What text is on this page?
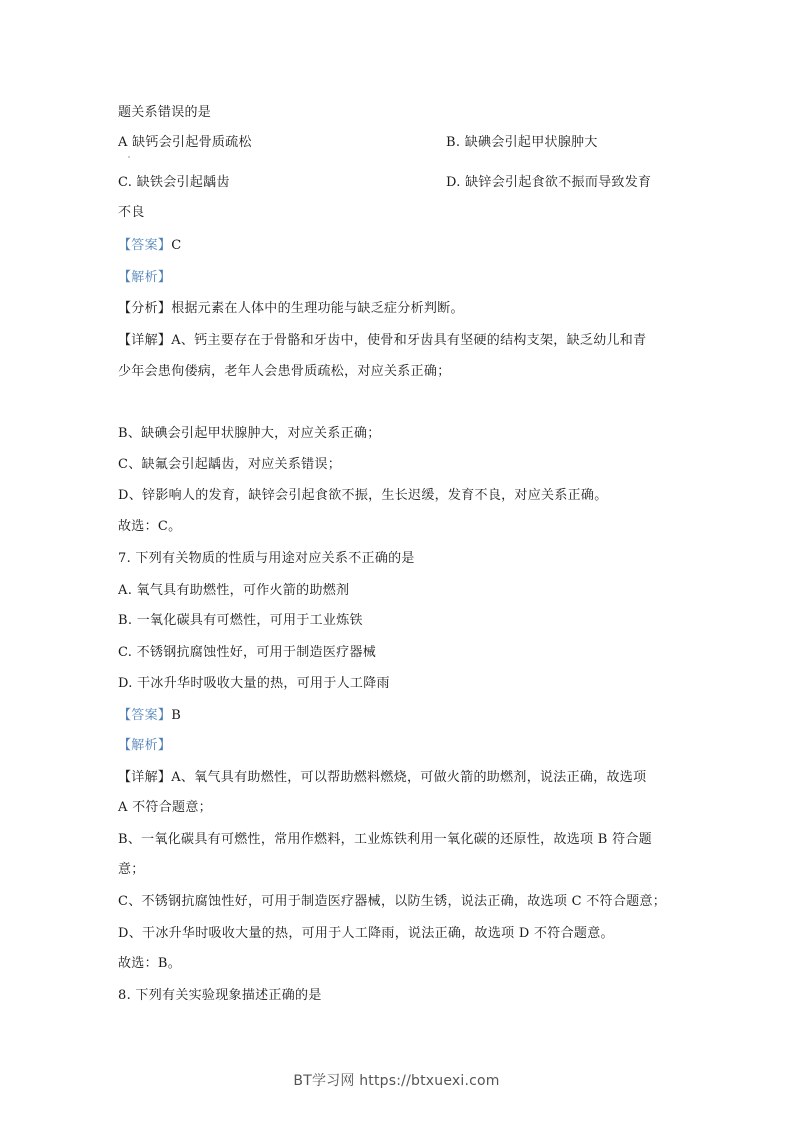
题关系错误的是
A 缺钙会引起骨质疏松	B. 缺碘会引起甲状腺肿大
C. 缺铁会引起龋齿	D. 缺锌会引起食欲不振而导致发育
不良
【答案】C
【解析】
【分析】根据元素在人体中的生理功能与缺乏症分析判断。
【详解】A、钙主要存在于骨骼和牙齿中，使骨和牙齿具有坚硬的结构支架，缺乏幼儿和青
少年会患佝偻病，老年人会患骨质疏松，对应关系正确；
B、缺碘会引起甲状腺肿大，对应关系正确；
C、缺氟会引起龋齿，对应关系错误；
D、锌影响人的发育，缺锌会引起食欲不振，生长迟缓，发育不良，对应关系正确。
故选：C。
7. 下列有关物质的性质与用途对应关系不正确的是
A. 氧气具有助燃性，可作火箭的助燃剂
B. 一氧化碳具有可燃性，可用于工业炼铁
C. 不锈钢抗腐蚀性好，可用于制造医疗器械
D. 干冰升华时吸收大量的热，可用于人工降雨
【答案】B
【解析】
【详解】A、氧气具有助燃性，可以帮助燃料燃烧，可做火箭的助燃剂，说法正确，故选项
A 不符合题意；
B、一氧化碳具有可燃性，常用作燃料，工业炼铁利用一氧化碳的还原性，故选项 B 符合题
意；
C、不锈钢抗腐蚀性好，可用于制造医疗器械，以防生锈，说法正确，故选项 C 不符合题意；
D、干冰升华时吸收大量的热，可用于人工降雨，说法正确，故选项 D 不符合题意。
故选：B。
8. 下列有关实验现象描述正确的是
BT学习网 https://btxuexi.com
